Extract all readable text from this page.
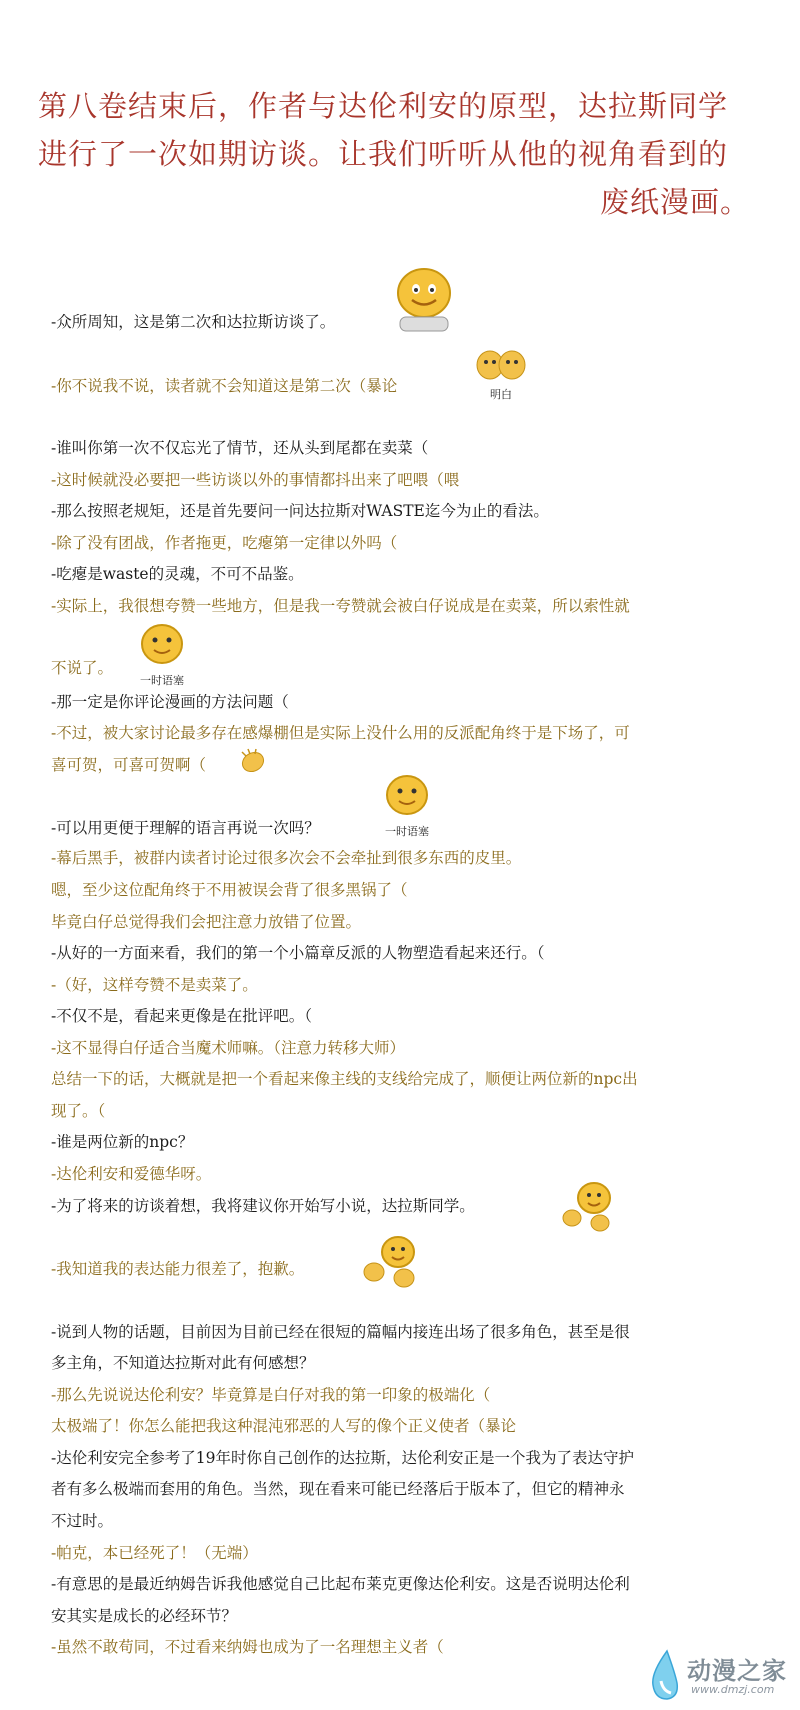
第八卷结束后，作者与达伦利安的原型，达拉斯同学
进行了一次如期访谈。让我们听听从他的视角看到的
废纸漫画。
-众所周知，这是第二次和达拉斯访谈了。
-你不说我不说，读者就不会知道这是第二次（暴论
-谁叫你第一次不仅忘光了情节，还从头到尾都在卖菜（
-这时候就没必要把一些访谈以外的事情都抖出来了吧喂（喂
-那么按照老规矩，还是首先要问一问达拉斯对WASTE迄今为止的看法。
-除了没有团战，作者拖更，吃瘪第一定律以外吗（
-吃瘪是waste的灵魂，不可不品鉴。
-实际上，我很想夸赞一些地方，但是我一夸赞就会被白仔说成是在卖菜，所以索性就
不说了。
-那一定是你评论漫画的方法问题（
-不过，被大家讨论最多存在感爆棚但是实际上没什么用的反派配角终于是下场了，可
喜可贺，可喜可贺啊（
-可以用更便于理解的语言再说一次吗？
-幕后黑手，被群内读者讨论过很多次会不会牵扯到很多东西的皮里。
嗯，至少这位配角终于不用被误会背了很多黑锅了（
毕竟白仔总觉得我们会把注意力放错了位置。
-从好的一方面来看，我们的第一个小篇章反派的人物塑造看起来还行。（
-（好，这样夸赞不是卖菜了。
-不仅不是，看起来更像是在批评吧。（
-这不显得白仔适合当魔术师嘛。（注意力转移大师）
总结一下的话，大概就是把一个看起来像主线的支线给完成了，顺便让两位新的npc出
现了。（
-谁是两位新的npc？
-达伦利安和爱德华呀。
-为了将来的访谈着想，我将建议你开始写小说，达拉斯同学。
-我知道我的表达能力很差了，抱歉。
-说到人物的话题，目前因为目前已经在很短的篇幅内接连出场了很多角色，甚至是很
多主角，不知道达拉斯对此有何感想？
-那么先说说达伦利安？毕竟算是白仔对我的第一印象的极端化（
太极端了！你怎么能把我这种混沌邪恶的人写的像个正义使者（暴论
-达伦利安完全参考了19年时你自己创作的达拉斯，达伦利安正是一个我为了表达守护
者有多么极端而套用的角色。当然，现在看来可能已经落后于版本了，但它的精神永
不过时。
-帕克，本已经死了！（无端）
-有意思的是最近纳姆告诉我他感觉自己比起布莱克更像达伦利安。这是否说明达伦利
安其实是成长的必经环节？
-虽然不敢苟同，不过看来纳姆也成为了一名理想主义者（
明白
一时语塞
一时语塞
动漫之家
www.dmzj.com
